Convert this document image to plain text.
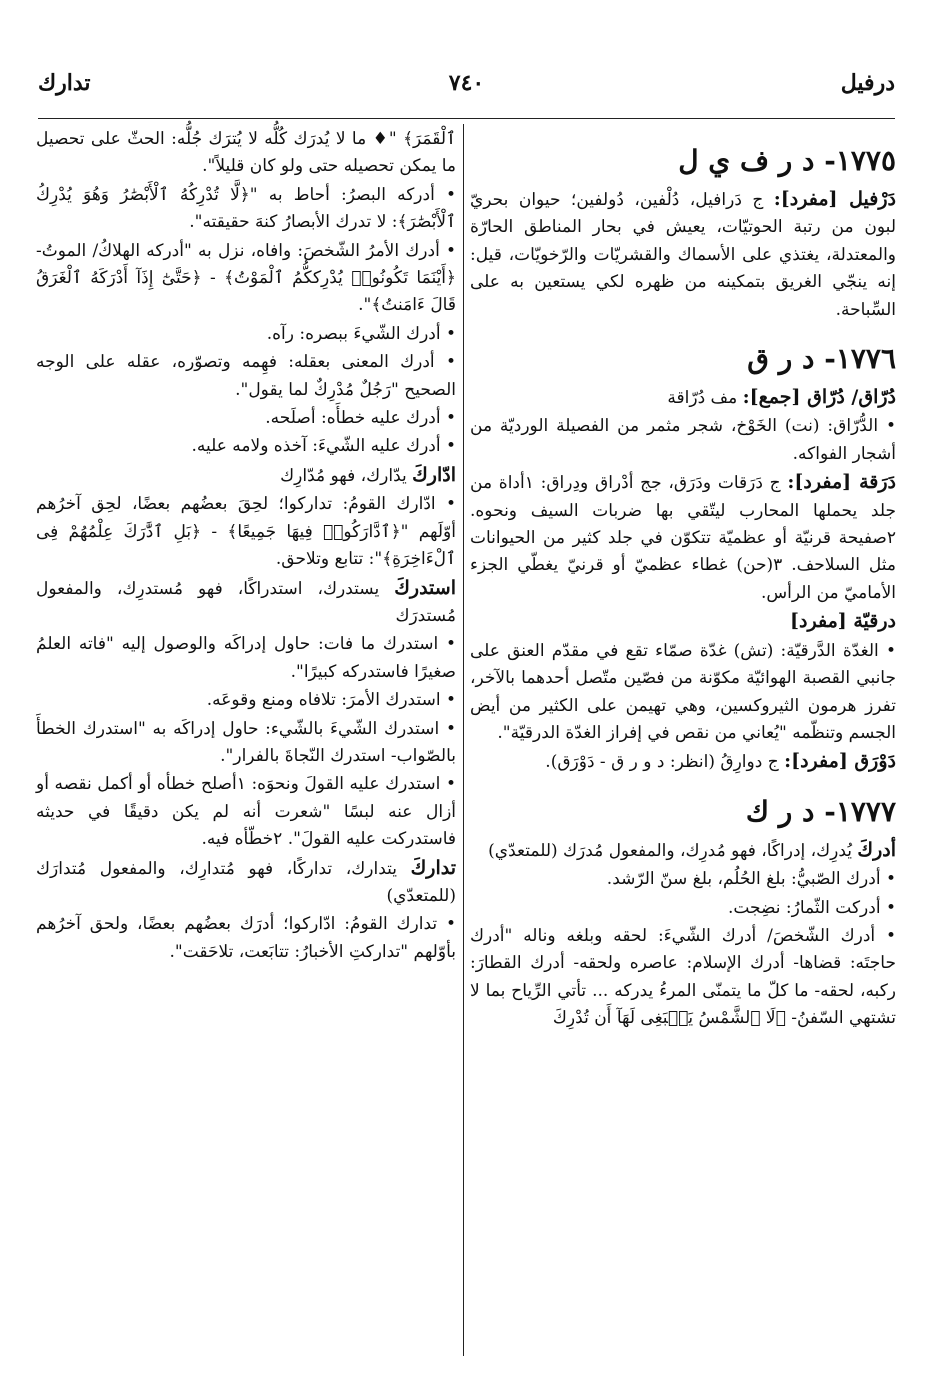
تدارك	٧٤٠	درفيل
١٧٧٥- د ر ف ي ل

دَرْفيل [مفرد]: ج دَرافيل، دُلْفين، دُولفين؛ حيوان بحريّ لبون من رتبة الحوتيّات، يعيش في بحار المناطق الحارّة والمعتدلة، يغتذي على الأسماك والقشريّات والرّخويّات، قيل: إنه ينجّي الغريق بتمكينه من ظهره لكي يستعين به على السِّباحة.

١٧٧٦- د ر ق

دُرّاق/ دُرّاق [جمع]: مف دُرّاقة

• الدُّرّاق: (نت) الخَوْخ، شجر مثمر من الفصيلة الورديّة من أشجار الفواكه.

دَرَقة [مفرد]: ج دَرَقات ودَرَق، جج أدْراق ودِراق: ١أداة من جلد يحملها المحارب ليتّقي بها ضربات السيف ونحوه. ٢صفيحة قرنيّة أو عظميّة تتكوّن في جلد كثير من الحيوانات مثل السلاحف. ٣(حن) غطاء عظميّ أو قرنيّ يغطّي الجزء الأماميّ من الرأس.

درقيّة [مفرد]

• الغدّة الدَّرقيّة: (تش) غدّة صمّاء تقع في مقدّم العنق على جانبي القصبة الهوائيّة مكوّنة من فصّين متّصل أحدهما بالآخر، تفرز هرمون الثيروكسين، وهي تهيمن على الكثير من أيض الجسم وتنظّمه "يُعاني من نقص في إفراز الغدّة الدرقيّة".

دَوْرَق [مفرد]: ج دوارِقُ (انظر: د و ر ق - دَوْرَق).

١٧٧٧- د ر ك

أدركَ يُدرِك، إدراكًا، فهو مُدرِك، والمفعول مُدرَك (للمتعدّي)

• أدرك الصّبيُّ: بلغ الحُلُم، بلغ سنّ الرّشد.

• أدركت الثّمارُ: نضِجت.

• أدرك الشّخصَ/ أدرك الشّيءَ: لحقه وبلغه وناله "أدرك حاجتَه: قضاها- أدرك الإسلام: عاصره ولحقه- أدرك القطارَ: ركبه، لحقه- ما كلّ ما يتمنّى المرءُ يدركه ... تأتي الرِّياح بما لا تشتهي السّفنُ- ﴿لَا ٱلشَّمْسُ يَنۢبَغِى لَهَآ أَن تُدْرِكَ

ٱلْقَمَرَ﴾ "♦ ما لا يُدرَك كُلُّه لا يُترَك جُلُّه: الحثّ على تحصيل ما يمكن تحصيله حتى ولو كان قليلاً".

• أدركه البصرُ: أحاط به "﴿لَّا تُدْرِكُهُ ٱلْأَبْصَٰرُ وَهُوَ يُدْرِكُ ٱلْأَبْصَٰرَ﴾: لا تدرك الأبصارُ كنهَ حقيقته".

• أدرك الأمرُ الشّخصَ: وافاه، نزل به "أدركه الهلاكُ/ الموتُ- ﴿أَيْنَمَا تَكُونُوا۟ يُدْرِككُّمُ ٱلْمَوْتُ﴾ - ﴿حَتَّىٰٓ إِذَآ أَدْرَكَهُ ٱلْغَرَقُ قَالَ ءَامَنتُ﴾".

• أدرك الشّيءَ ببصره: رآه.

• أدرك المعنى بعقله: فهِمه وتصوّره، عقله على الوجه الصحيح "رَجُلٌ مُدْرِكٌ لما يقول".

• أدرك عليه خطأَه: أصلَحه.

• أدرك عليه الشّيءَ: آخذه ولامه عليه.

ادّاركَ يدّارك، فهو مُدّارِك

• ادّارك القومُ: تداركوا؛ لحِقَ بعضُهم بعضًا، لحِق آخرُهم أوّلَهم "﴿ٱدَّارَكُوا۟ فِيهَا جَمِيعًا﴾ - ﴿بَلِ ٱدَّٰرَكَ عِلْمُهُمْ فِى ٱلْءَاخِرَةِ﴾": تتابع وتلاحق.

استدركَ يستدرك، استدراكًا، فهو مُستدرِك، والمفعول مُستدرَك

• استدرك ما فات: حاول إدراكَه والوصول إليه "فاته العلمُ صغيرًا فاستدركه كبيرًا".

• استدرك الأمرَ: تلافاه ومنع وقوعَه.

• استدرك الشّيءَ بالشّيء: حاول إدراكَه به "استدرك الخطأَ بالصّواب- استدرك النّجاةَ بالفرار".

• استدرك عليه القولَ ونحوَه: ١أصلح خطأه أو أكمل نقصه أو أزال عنه لبسًا "شعرت أنه لم يكن دقيقًا في حديثه فاستدركت عليه القولَ". ٢خطّأه فيه.

تداركَ يتدارك، تداركًا، فهو مُتدارِك، والمفعول مُتدارَك (للمتعدّي)

• تدارك القومُ: ادّاركوا؛ أدرَك بعضُهم بعضًا، ولحق آخرُهم بأوّلهم "تداركتِ الأخبارُ: تتابَعت، تلاحَقت".
